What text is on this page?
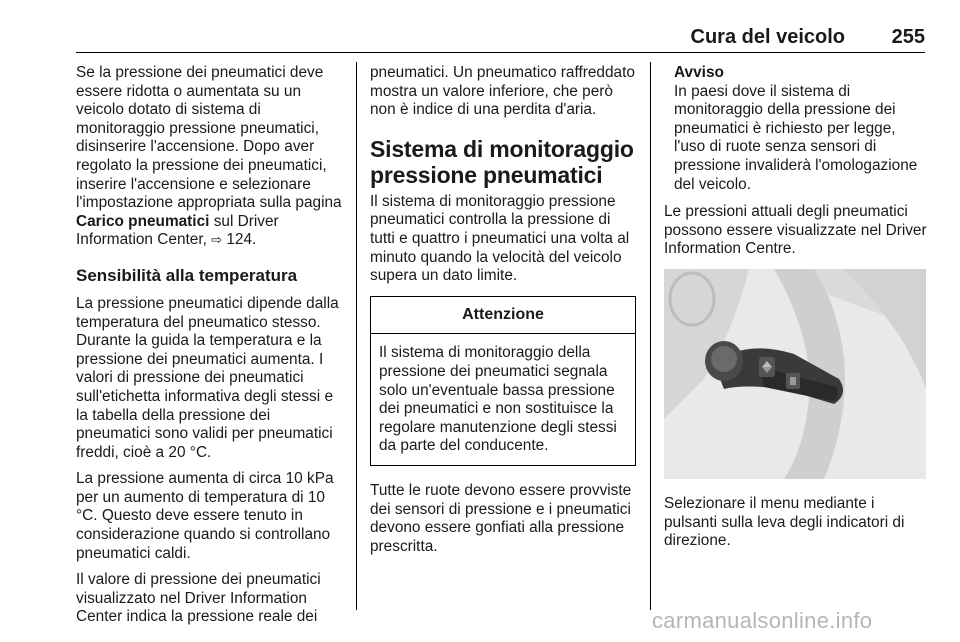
Cura del veicolo 255

Se la pressione dei pneumatici deve essere ridotta o aumentata su un veicolo dotato di sistema di monitoraggio pressione pneumatici, disinserire l'accensione. Dopo aver regolato la pressione dei pneumatici, inserire l'accensione e selezionare l'impostazione appropriata sulla pagina Carico pneumatici sul Driver Information Center, ⇨ 124.

Sensibilità alla temperatura

La pressione pneumatici dipende dalla temperatura del pneumatico stesso. Durante la guida la temperatura e la pressione dei pneumatici aumenta. I valori di pressione dei pneumatici sull'etichetta informativa degli stessi e la tabella della pressione dei pneumatici sono validi per pneumatici freddi, cioè a 20 °C.

La pressione aumenta di circa 10 kPa per un aumento di temperatura di 10 °C. Questo deve essere tenuto in considerazione quando si controllano pneumatici caldi.

Il valore di pressione dei pneumatici visualizzato nel Driver Information Center indica la pressione reale dei

pneumatici. Un pneumatico raffreddato mostra un valore inferiore, che però non è indice di una perdita d'aria.

Sistema di monitoraggio pressione pneumatici

Il sistema di monitoraggio pressione pneumatici controlla la pressione di tutti e quattro i pneumatici una volta al minuto quando la velocità del veicolo supera un dato limite.

Attenzione
Il sistema di monitoraggio della pressione dei pneumatici segnala solo un'eventuale bassa pressione dei pneumatici e non sostituisce la regolare manutenzione degli stessi da parte del conducente.

Tutte le ruote devono essere provviste dei sensori di pressione e i pneumatici devono essere gonfiati alla pressione prescritta.

Avviso
In paesi dove il sistema di monitoraggio della pressione dei pneumatici è richiesto per legge, l'uso di ruote senza sensori di pressione invaliderà l'omologazione del veicolo.

Le pressioni attuali degli pneumatici possono essere visualizzate nel Driver Information Centre.

Selezionare il menu mediante i pulsanti sulla leva degli indicatori di direzione.

carmanualsonline.info
